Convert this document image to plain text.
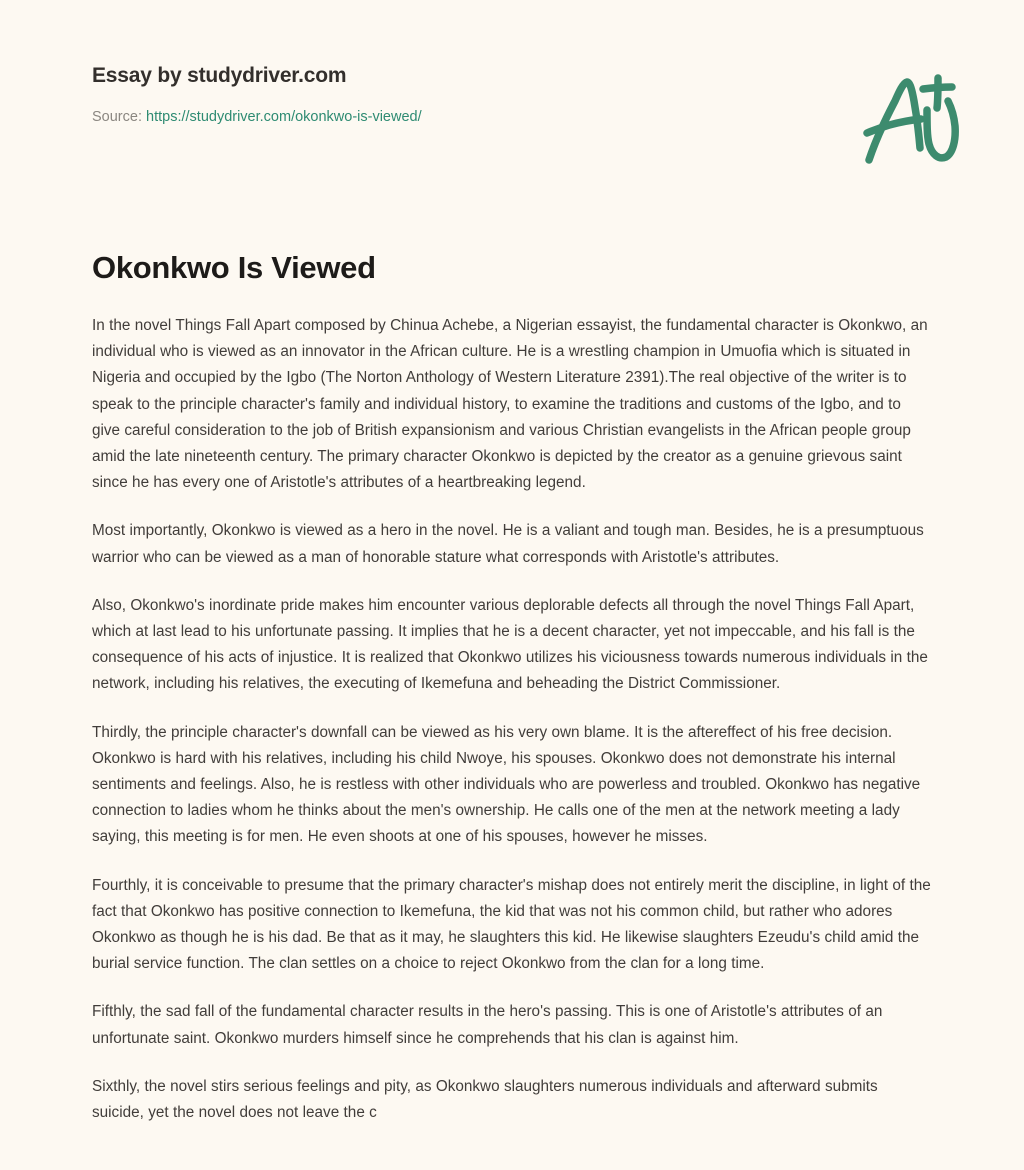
Essay by studydriver.com
Source: https://studydriver.com/okonkwo-is-viewed/
Okonkwo Is Viewed

In the novel Things Fall Apart composed by Chinua Achebe, a Nigerian essayist, the fundamental character is Okonkwo, an individual who is viewed as an innovator in the African culture. He is a wrestling champion in Umuofia which is situated in Nigeria and occupied by the Igbo (The Norton Anthology of Western Literature 2391).The real objective of the writer is to speak to the principle character's family and individual history, to examine the traditions and customs of the Igbo, and to give careful consideration to the job of British expansionism and various Christian evangelists in the African people group amid the late nineteenth century. The primary character Okonkwo is depicted by the creator as a genuine grievous saint since he has every one of Aristotle's attributes of a heartbreaking legend.

Most importantly, Okonkwo is viewed as a hero in the novel. He is a valiant and tough man. Besides, he is a presumptuous warrior who can be viewed as a man of honorable stature what corresponds with Aristotle's attributes.

Also, Okonkwo's inordinate pride makes him encounter various deplorable defects all through the novel Things Fall Apart, which at last lead to his unfortunate passing. It implies that he is a decent character, yet not impeccable, and his fall is the consequence of his acts of injustice. It is realized that Okonkwo utilizes his viciousness towards numerous individuals in the network, including his relatives, the executing of Ikemefuna and beheading the District Commissioner.

Thirdly, the principle character's downfall can be viewed as his very own blame. It is the aftereffect of his free decision. Okonkwo is hard with his relatives, including his child Nwoye, his spouses. Okonkwo does not demonstrate his internal sentiments and feelings. Also, he is restless with other individuals who are powerless and troubled. Okonkwo has negative connection to ladies whom he thinks about the men's ownership. He calls one of the men at the network meeting a lady saying, this meeting is for men. He even shoots at one of his spouses, however he misses.

Fourthly, it is conceivable to presume that the primary character's mishap does not entirely merit the discipline, in light of the fact that Okonkwo has positive connection to Ikemefuna, the kid that was not his common child, but rather who adores Okonkwo as though he is his dad. Be that as it may, he slaughters this kid. He likewise slaughters Ezeudu's child amid the burial service function. The clan settles on a choice to reject Okonkwo from the clan for a long time.

Fifthly, the sad fall of the fundamental character results in the hero's passing. This is one of Aristotle's attributes of an unfortunate saint. Okonkwo murders himself since he comprehends that his clan is against him.

Sixthly, the novel stirs serious feelings and pity, as Okonkwo slaughters numerous individuals and afterward submits suicide, yet the novel does not leave the c
